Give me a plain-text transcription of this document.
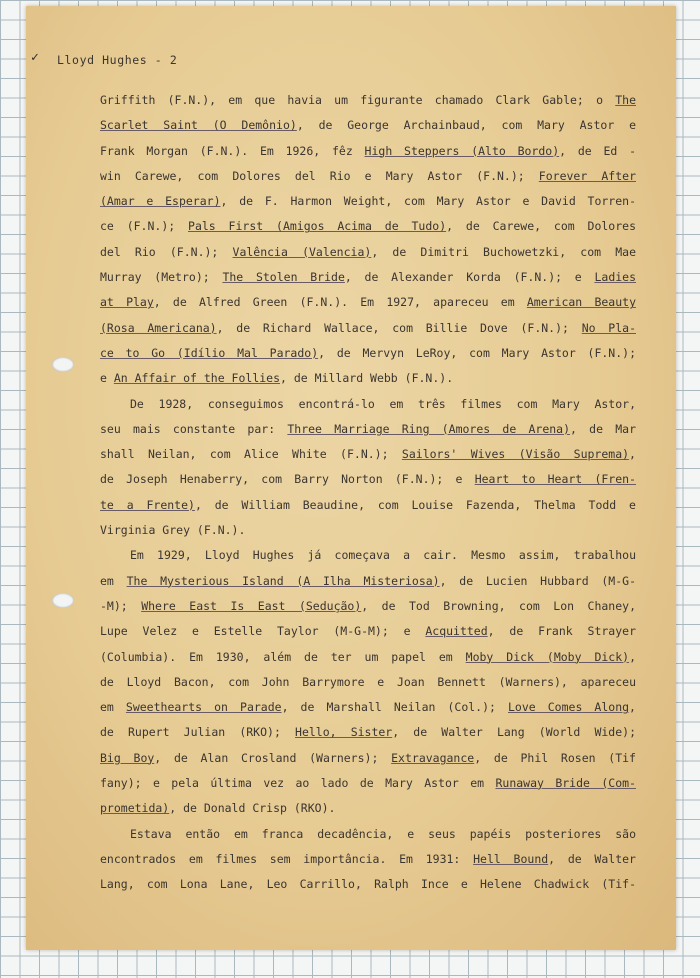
✓ Lloyd Hughes - 2
Griffith (F.N.), em que havia um figurante chamado Clark Gable; o The
Scarlet Saint (O Demônio), de George Archainbaud, com Mary Astor e
Frank Morgan (F.N.). Em 1926, fêz High Steppers (Alto Bordo), de Ed -
win Carewe, com Dolores del Rio e Mary Astor (F.N.); Forever After
(Amar e Esperar), de F. Harmon Weight, com Mary Astor e David Torren-
ce (F.N.); Pals First (Amigos Acima de Tudo), de Carewe, com Dolores
del Rio (F.N.); Valência (Valencia), de Dimitri Buchowetzki, com Mae
Murray (Metro); The Stolen Bride, de Alexander Korda (F.N.); e Ladies
at Play, de Alfred Green (F.N.). Em 1927, apareceu em American Beauty
(Rosa Americana), de Richard Wallace, com Billie Dove (F.N.); No Pla-
ce to Go (Idílio Mal Parado), de Mervyn LeRoy, com Mary Astor (F.N.);
e An Affair of the Follies, de Millard Webb (F.N.).
De 1928, conseguimos encontrá-lo em três filmes com Mary Astor,
seu mais constante par: Three Marriage Ring (Amores de Arena), de Mar
shall Neilan, com Alice White (F.N.); Sailors' Wives (Visão Suprema),
de Joseph Henaberry, com Barry Norton (F.N.); e Heart to Heart (Fren-
te a Frente), de William Beaudine, com Louise Fazenda, Thelma Todd e
Virginia Grey (F.N.).
Em 1929, Lloyd Hughes já começava a cair. Mesmo assim, trabalhou
em The Mysterious Island (A Ilha Misteriosa), de Lucien Hubbard (M-G-
-M); Where East Is East (Sedução), de Tod Browning, com Lon Chaney,
Lupe Velez e Estelle Taylor (M-G-M); e Acquitted, de Frank Strayer
(Columbia). Em 1930, além de ter um papel em Moby Dick (Moby Dick),
de Lloyd Bacon, com John Barrymore e Joan Bennett (Warners), apareceu
em Sweethearts on Parade, de Marshall Neilan (Col.); Love Comes Along,
de Rupert Julian (RKO); Hello, Sister, de Walter Lang (World Wide);
Big Boy, de Alan Crosland (Warners); Extravagance, de Phil Rosen (Tif
fany); e pela última vez ao lado de Mary Astor em Runaway Bride (Com-
prometida), de Donald Crisp (RKO).
Estava então em franca decadência, e seus papéis posteriores são
encontrados em filmes sem importância. Em 1931: Hell Bound, de Walter
Lang, com Lona Lane, Leo Carrillo, Ralph Ince e Helene Chadwick (Tif-
